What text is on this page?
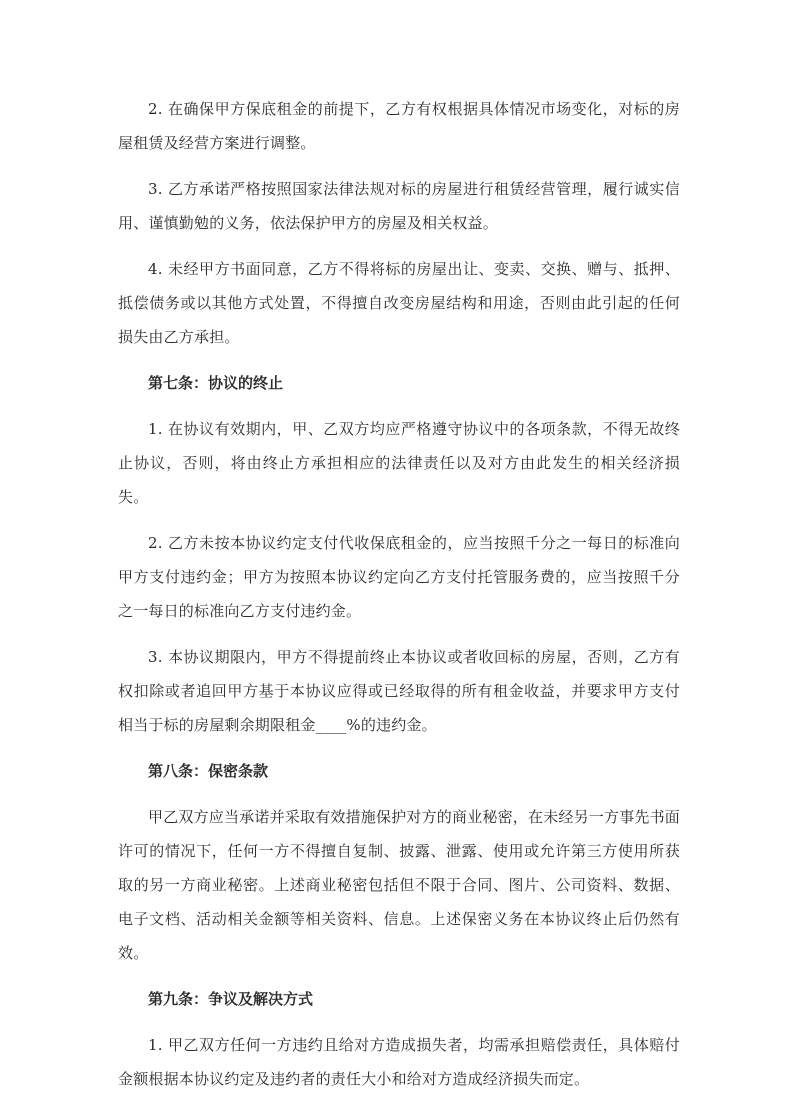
2. 在确保甲方保底租金的前提下，乙方有权根据具体情况市场变化，对标的房屋租赁及经营方案进行调整。

3. 乙方承诺严格按照国家法律法规对标的房屋进行租赁经营管理，履行诚实信用、谨慎勤勉的义务，依法保护甲方的房屋及相关权益。

4. 未经甲方书面同意，乙方不得将标的房屋出让、变卖、交换、赠与、抵押、抵偿债务或以其他方式处置，不得擅自改变房屋结构和用途，否则由此引起的任何损失由乙方承担。

第七条：协议的终止

1. 在协议有效期内，甲、乙双方均应严格遵守协议中的各项条款，不得无故终止协议，否则，将由终止方承担相应的法律责任以及对方由此发生的相关经济损失。

2. 乙方未按本协议约定支付代收保底租金的，应当按照千分之一每日的标准向甲方支付违约金；甲方为按照本协议约定向乙方支付托管服务费的，应当按照千分之一每日的标准向乙方支付违约金。

3. 本协议期限内，甲方不得提前终止本协议或者收回标的房屋，否则，乙方有权扣除或者追回甲方基于本协议应得或已经取得的所有租金收益，并要求甲方支付相当于标的房屋剩余期限租金____%的违约金。

第八条：保密条款

甲乙双方应当承诺并采取有效措施保护对方的商业秘密，在未经另一方事先书面许可的情况下，任何一方不得擅自复制、披露、泄露、使用或允许第三方使用所获取的另一方商业秘密。上述商业秘密包括但不限于合同、图片、公司资料、数据、电子文档、活动相关金额等相关资料、信息。上述保密义务在本协议终止后仍然有效。

第九条：争议及解决方式

1. 甲乙双方任何一方违约且给对方造成损失者，均需承担赔偿责任，具体赔付金额根据本协议约定及违约者的责任大小和给对方造成经济损失而定。
